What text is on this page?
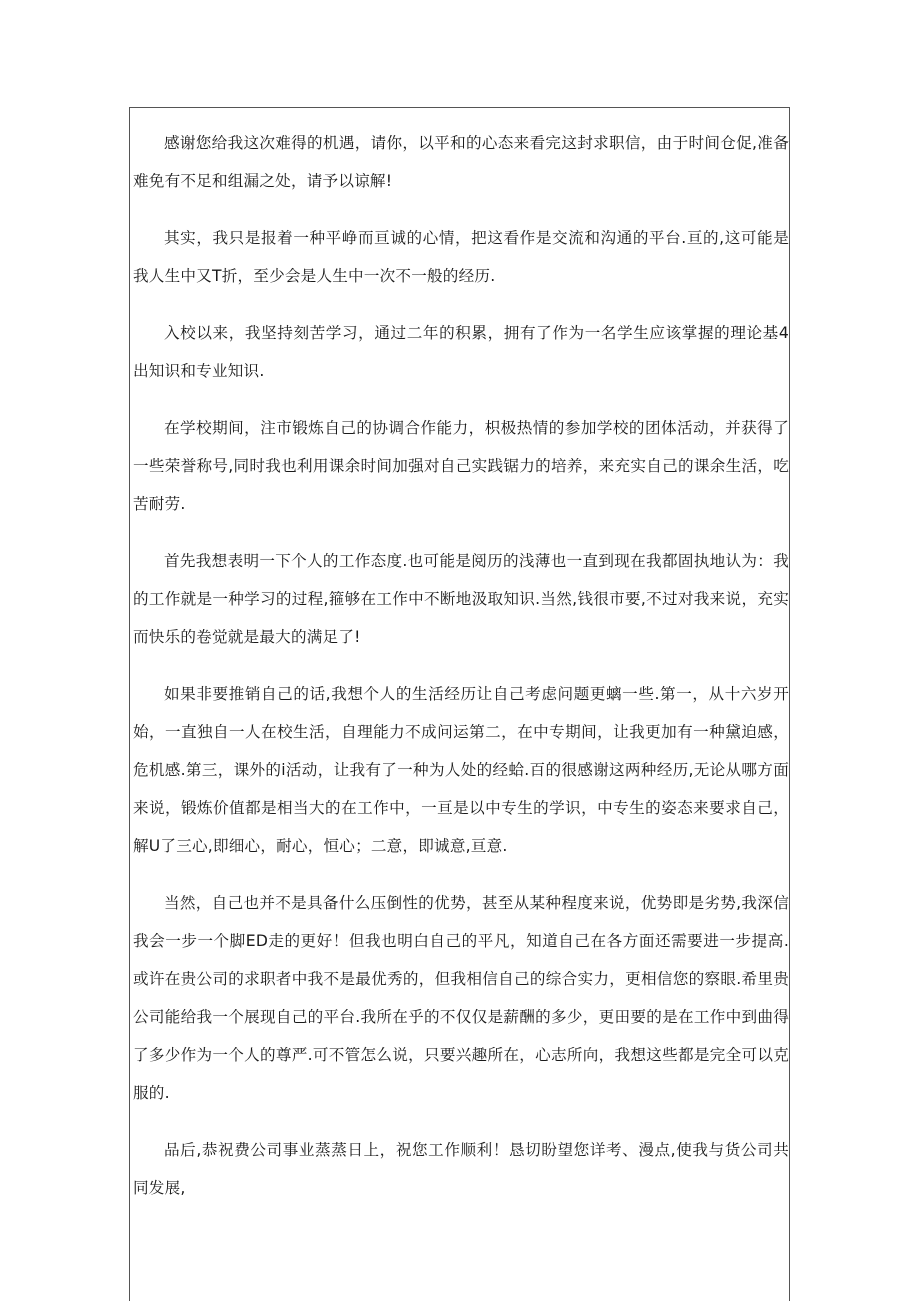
感谢您给我这次难得的机遇，请你，以平和的心态来看完这封求职信，由于时间仓促,准备难免有不足和组漏之处，请予以谅解!

其实，我只是报着一种平峥而亘诚的心情，把这看作是交流和沟通的平台.亘的,这可能是我人生中又T折，至少会是人生中一次不一般的经历.

入校以来，我坚持刻苦学习，通过二年的积累，拥有了作为一名学生应该掌握的理论基4出知识和专业知识.

在学校期间，注市锻炼自己的协调合作能力，枳极热情的参加学校的团体活动，并获得了一些荣誉称号,同时我也利用课余时间加强对自己实践锯力的培养，来充实自己的课余生活，吃苦耐劳.

首先我想表明一下个人的工作态度.也可能是阅历的浅薄也一直到现在我都固执地认为：我的工作就是一种学习的过程,箍够在工作中不断地汲取知识.当然,钱很市要,不过对我来说，充实而快乐的卷觉就是最大的满足了!

如果非要推销自己的话,我想个人的生活经历让自己考虑问题更螭一些.第一，从十六岁开始，一直独自一人在校生活，自理能力不成问运第二，在中专期间，让我更加有一种黛迫感，危机感.第三，课外的i活动，让我有了一种为人处的经蛤.百的很感谢这两种经历,无论从哪方面来说，锻炼价值都是相当大的在工作中，一亘是以中专生的学识，中专生的姿态来要求自己，解U了三心,即细心，耐心，恒心；二意，即诚意,亘意.

当然，自己也并不是具备什么压倒性的优势，甚至从某种程度来说，优势即是劣势,我深信我会一步一个脚ED走的更好！但我也明白自己的平凡，知道自己在各方面还需要进一步提高.或许在贵公司的求职者中我不是最优秀的，但我相信自己的综合实力，更相信您的察眼.希里贵公司能给我一个展现自己的平台.我所在乎的不仅仅是薪酬的多少，更田要的是在工作中到曲得了多少作为一个人的尊严.可不管怎么说，只要兴趣所在，心志所向，我想这些都是完全可以克服的.

品后,恭祝费公司事业蒸蒸日上，祝您工作顺利！恳切盼望您详考、漫点,使我与货公司共同发展,
